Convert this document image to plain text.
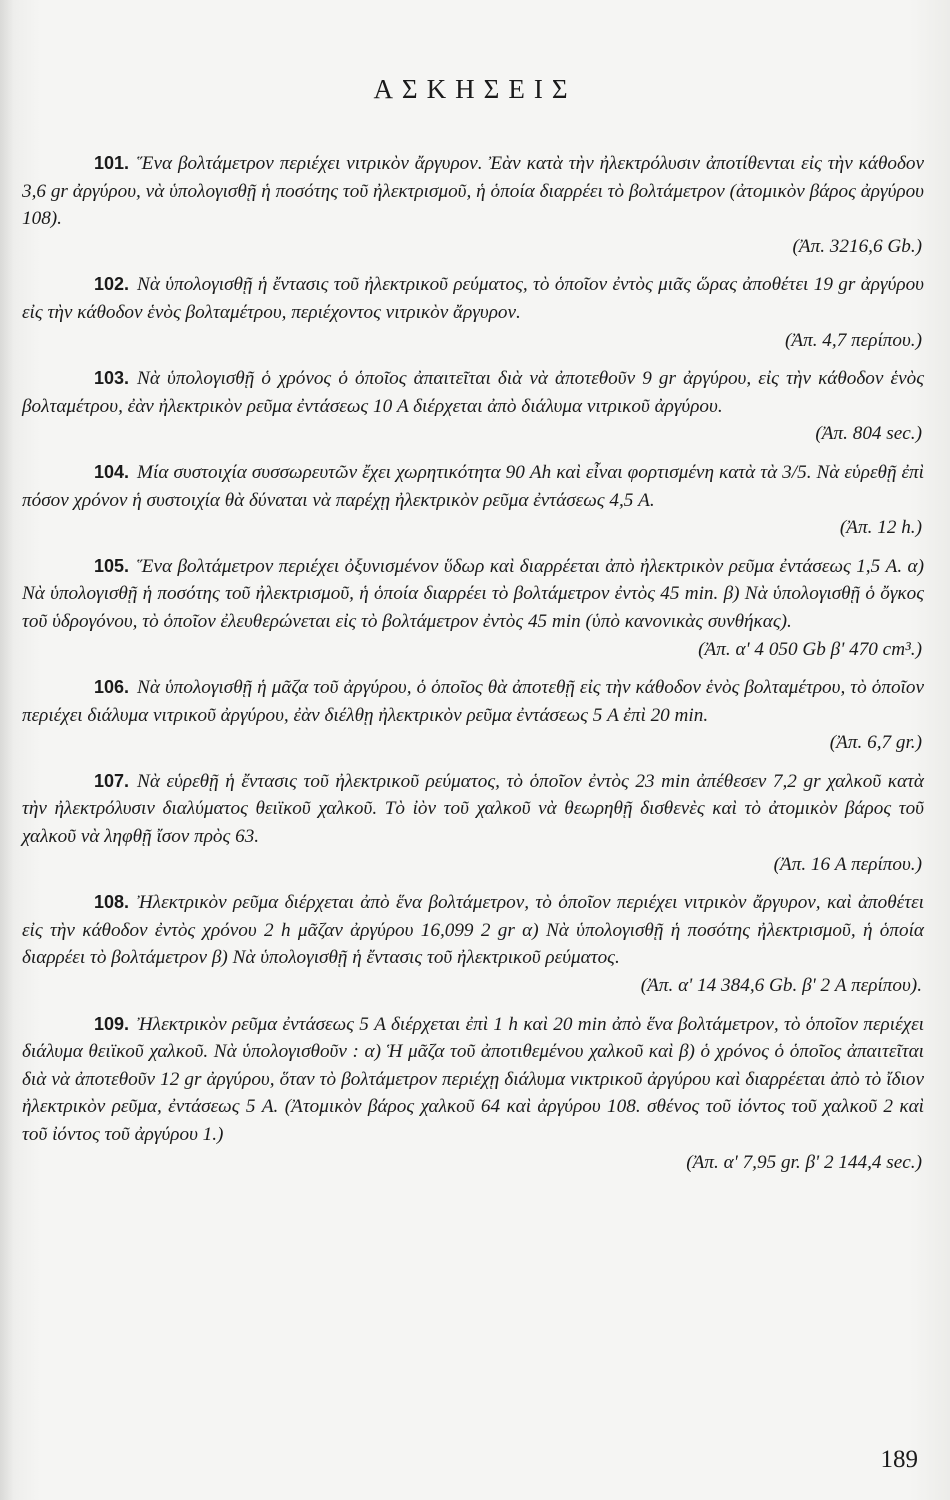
ΑΣΚΗΣΕΙΣ
101. Ἕνα βολτάμετρον περιέχει νιτρικὸν ἄργυρον. Ἐὰν κατὰ τὴν ἠλεκτρόλυσιν ἀποτίθενται εἰς τὴν κάθοδον 3,6 gr ἀργύρου, νὰ ὑπολογισθῇ ἡ ποσότης τοῦ ἠλεκτρισμοῦ, ἡ ὁποία διαρρέει τὸ βολτάμετρον (ἀτομικὸν βάρος ἀργύρου 108).
(Ἀπ. 3216,6 Gb.)
102. Νὰ ὑπολογισθῇ ἡ ἔντασις τοῦ ἠλεκτρικοῦ ρεύματος, τὸ ὁποῖον ἐντὸς μιᾶς ὥρας ἀποθέτει 19 gr ἀργύρου εἰς τὴν κάθοδον ἑνὸς βολταμέτρου, περιέχοντος νιτρικὸν ἄργυρον.
(Ἀπ. 4,7 περίπου.)
103. Νὰ ὑπολογισθῇ ὁ χρόνος ὁ ὁποῖος ἀπαιτεῖται διὰ νὰ ἀποτεθοῦν 9 gr ἀργύρου, εἰς τὴν κάθοδον ἑνὸς βολταμέτρου, ἐὰν ἠλεκτρικὸν ρεῦμα ἐντάσεως 10 A διέρχεται ἀπὸ διάλυμα νιτρικοῦ ἀργύρου.
(Ἀπ. 804 sec.)
104. Μία συστοιχία συσσωρευτῶν ἔχει χωρητικότητα 90 Ah καὶ εἶναι φορτισμένη κατὰ τὰ 3/5. Νὰ εὑρεθῇ ἐπὶ πόσον χρόνον ἡ συστοιχία θὰ δύναται νὰ παρέχῃ ἠλεκτρικὸν ρεῦμα ἐντάσεως 4,5 A.
(Ἀπ. 12 h.)
105. Ἕνα βολτάμετρον περιέχει ὀξυνισμένον ὕδωρ καὶ διαρρέεται ἀπὸ ἠλεκτρικὸν ρεῦμα ἐντάσεως 1,5 A. α) Νὰ ὑπολογισθῇ ἡ ποσότης τοῦ ἠλεκτρισμοῦ, ἡ ὁποία διαρρέει τὸ βολτάμετρον ἐντὸς 45 min. β) Νὰ ὑπολογισθῇ ὁ ὄγκος τοῦ ὑδρογόνου, τὸ ὁποῖον ἐλευθερώνεται εἰς τὸ βολτάμετρον ἐντὸς 45 min (ὑπὸ κανονικὰς συνθήκας).
(Ἀπ. α' 4 050 Gb β' 470 cm³.)
106. Νὰ ὑπολογισθῇ ἡ μᾶζα τοῦ ἀργύρου, ὁ ὁποῖος θὰ ἀποτεθῇ εἰς τὴν κάθοδον ἑνὸς βολταμέτρου, τὸ ὁποῖον περιέχει διάλυμα νιτρικοῦ ἀργύρου, ἐὰν διέλθῃ ἠλεκτρικὸν ρεῦμα ἐντάσεως 5 A ἐπὶ 20 min.
(Ἀπ. 6,7 gr.)
107. Νὰ εὑρεθῇ ἡ ἔντασις τοῦ ἠλεκτρικοῦ ρεύματος, τὸ ὁποῖον ἐντὸς 23 min ἀπέθεσεν 7,2 gr χαλκοῦ κατὰ τὴν ἠλεκτρόλυσιν διαλύματος θειϊκοῦ χαλκοῦ. Τὸ ἰὸν τοῦ χαλκοῦ νὰ θεωρηθῇ δισθενὲς καὶ τὸ ἀτομικὸν βάρος τοῦ χαλκοῦ νὰ ληφθῇ ἴσον πρὸς 63.
(Ἀπ. 16 A περίπου.)
108. Ἠλεκτρικὸν ρεῦμα διέρχεται ἀπὸ ἕνα βολτάμετρον, τὸ ὁποῖον περιέχει νιτρικὸν ἄργυρον, καὶ ἀποθέτει εἰς τὴν κάθοδον ἐντὸς χρόνου 2 h μᾶζαν ἀργύρου 16,099 2 gr α) Νὰ ὑπολογισθῇ ἡ ποσότης ἠλεκτρισμοῦ, ἡ ὁποία διαρρέει τὸ βολτάμετρον β) Νὰ ὑπολογισθῇ ἡ ἔντασις τοῦ ἠλεκτρικοῦ ρεύματος.
(Ἀπ. α' 14 384,6 Gb. β' 2 A περίπου).
109. Ἠλεκτρικὸν ρεῦμα ἐντάσεως 5 A διέρχεται ἐπὶ 1 h καὶ 20 min ἀπὸ ἕνα βολτάμετρον, τὸ ὁποῖον περιέχει διάλυμα θειϊκοῦ χαλκοῦ. Νὰ ὑπολογισθοῦν : α) Ἡ μᾶζα τοῦ ἀποτιθεμένου χαλκοῦ καὶ β) ὁ χρόνος ὁ ὁποῖος ἀπαιτεῖται διὰ νὰ ἀποτεθοῦν 12 gr ἀργύρου, ὅταν τὸ βολτάμετρον περιέχῃ διάλυμα νικτρικοῦ ἀργύρου καὶ διαρρέεται ἀπὸ τὸ ἴδιον ἠλεκτρικὸν ρεῦμα, ἐντάσεως 5 A. (Ἀτομικὸν βάρος χαλκοῦ 64 καὶ ἀργύρου 108. σθένος τοῦ ἰόντος τοῦ χαλκοῦ 2 καὶ τοῦ ἰόντος τοῦ ἀργύρου 1.)
(Ἀπ. α' 7,95 gr. β' 2 144,4 sec.)
189
